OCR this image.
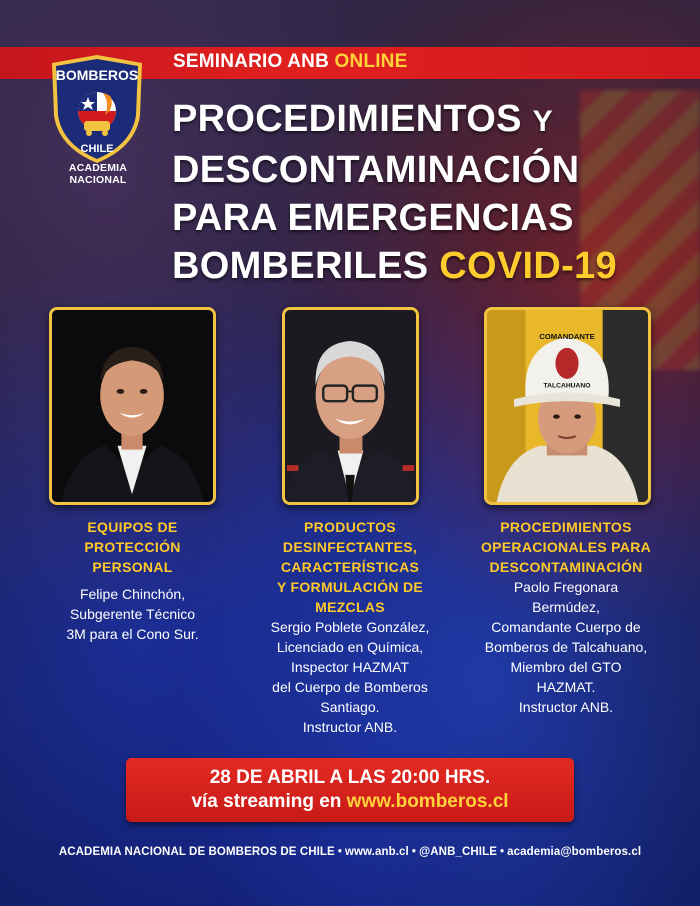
SEMINARIO ANB ONLINE
BOMBEROS
CHILE
ACADEMIA NACIONAL
PROCEDIMIENTOS Y
DESCONTAMINACIÓN
PARA EMERGENCIAS
BOMBERILES COVID-19
COMANDANTE
TALCAHUANO
EQUIPOS DE
PROTECCIÓN
PERSONAL
Felipe Chinchón,
Subgerente Técnico
3M para el Cono Sur.
PRODUCTOS
DESINFECTANTES,
CARACTERÍSTICAS
Y FORMULACIÓN DE
MEZCLAS
Sergio Poblete González,
Licenciado en Química,
Inspector HAZMAT
del Cuerpo de Bomberos
Santiago.
Instructor ANB.
PROCEDIMIENTOS
OPERACIONALES PARA
DESCONTAMINACIÓN
Paolo Fregonara
Bermúdez,
Comandante Cuerpo de
Bomberos de Talcahuano,
Miembro del GTO
HAZMAT.
Instructor ANB.
28 DE ABRIL A LAS 20:00 HRS.
vía streaming en www.bomberos.cl
ACADEMIA NACIONAL DE BOMBEROS DE CHILE • www.anb.cl • @ANB_CHILE • academia@bomberos.cl
